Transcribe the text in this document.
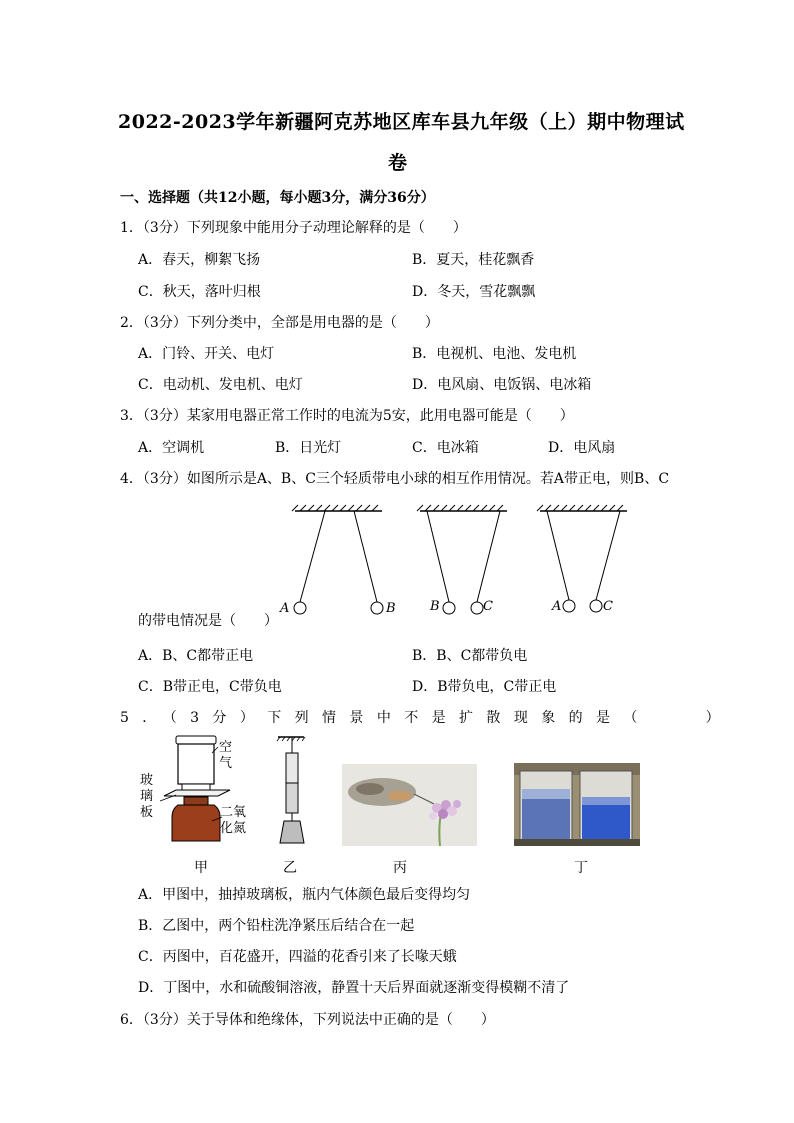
2022-2023学年新疆阿克苏地区库车县九年级（上）期中物理试
卷
一、选择题（共12小题，每小题3分，满分36分）
1．（3分）下列现象中能用分子动理论解释的是（　　）
A．春天，柳絮飞扬	B．夏天，桂花飘香
C．秋天，落叶归根	D．冬天，雪花飘飘
2．（3分）下列分类中，全部是用电器的是（　　）
A．门铃、开关、电灯	B．电视机、电池、发电机
C．电动机、发电机、电灯	D．电风扇、电饭锅、电冰箱
3．（3分）某家用电器正常工作时的电流为5安，此用电器可能是（　　）
A．空调机	B．日光灯	C．电冰箱	D．电风扇
4．（3分）如图所示是A、B、C三个轻质带电小球的相互作用情况。若A带正电，则B、C
A	B	B	C	A	C
的带电情况是（　　）
A．B、C都带正电	B．B、C都带负电
C．B带正电，C带负电	D．B带负电，C带正电
5．（3分）下列情景中不是扩散现象的是（　　）
空气
玻璃板	二氧化氮
甲	乙	丙	丁
A．甲图中，抽掉玻璃板，瓶内气体颜色最后变得均匀
B．乙图中，两个铅柱洗净紧压后结合在一起
C．丙图中，百花盛开，四溢的花香引来了长喙天蛾
D．丁图中，水和硫酸铜溶液，静置十天后界面就逐渐变得模糊不清了
6．（3分）关于导体和绝缘体，下列说法中正确的是（　　）
